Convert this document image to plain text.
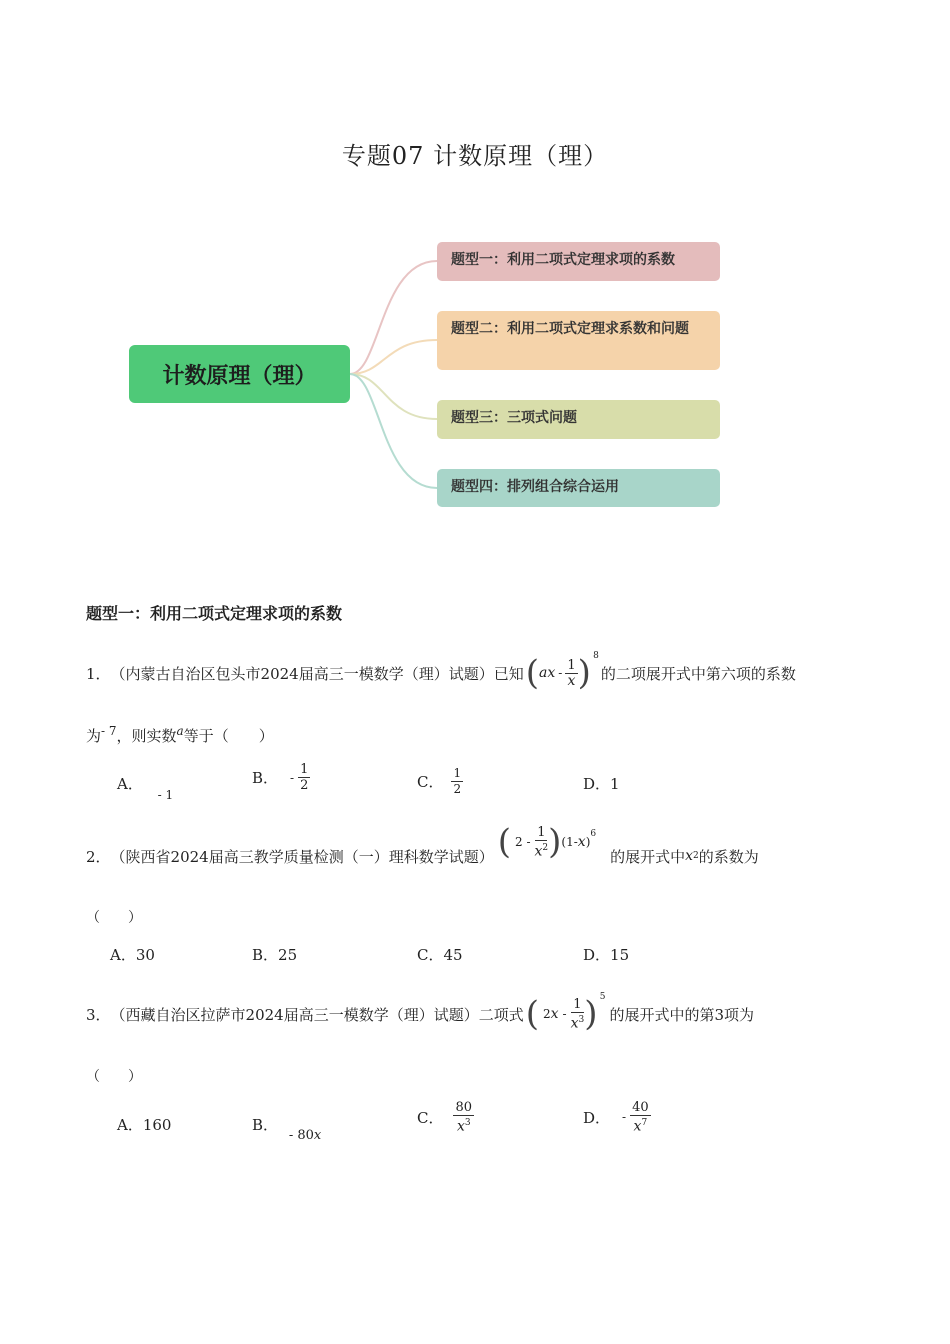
专题07 计数原理（理）
计数原理（理）
题型一：利用二项式定理求项的系数
题型二：利用二项式定理求系数和问题
题型三：三项式问题
题型四：排列组合综合运用
题型一：利用二项式定理求项的系数
1． （内蒙古自治区包头市2024届高三一模数学（理）试题）已知 ( ax - $\frac{1}{x}$ ) 8
的二项展开式中第六项的系数
为$^{- 7}$，则实数$^a$等于（　　）
A． $_{- 1}$
B． - $\frac{1}{2}$	C． $\frac{1}{2}$	D．1
2． （陕西省2024届高三教学质量检测（一）理科数学试题） ( $2 - \frac{1}{x^2}$ ) (1- x )
$^6$
的展开式中 x 2 的系数为
（　　）
A．30	B．25	C．45	D．15
3． （西藏自治区拉萨市2024届高三一模数学（理）试题）二项式 ( 2 x - $\frac{1}{x^3}$ ) 5
的展开式中的第3项为
（　　）
A．160	B． - 80x
C． $\frac{80}{x^3}$	D． - $\frac{40}{x^7}$
